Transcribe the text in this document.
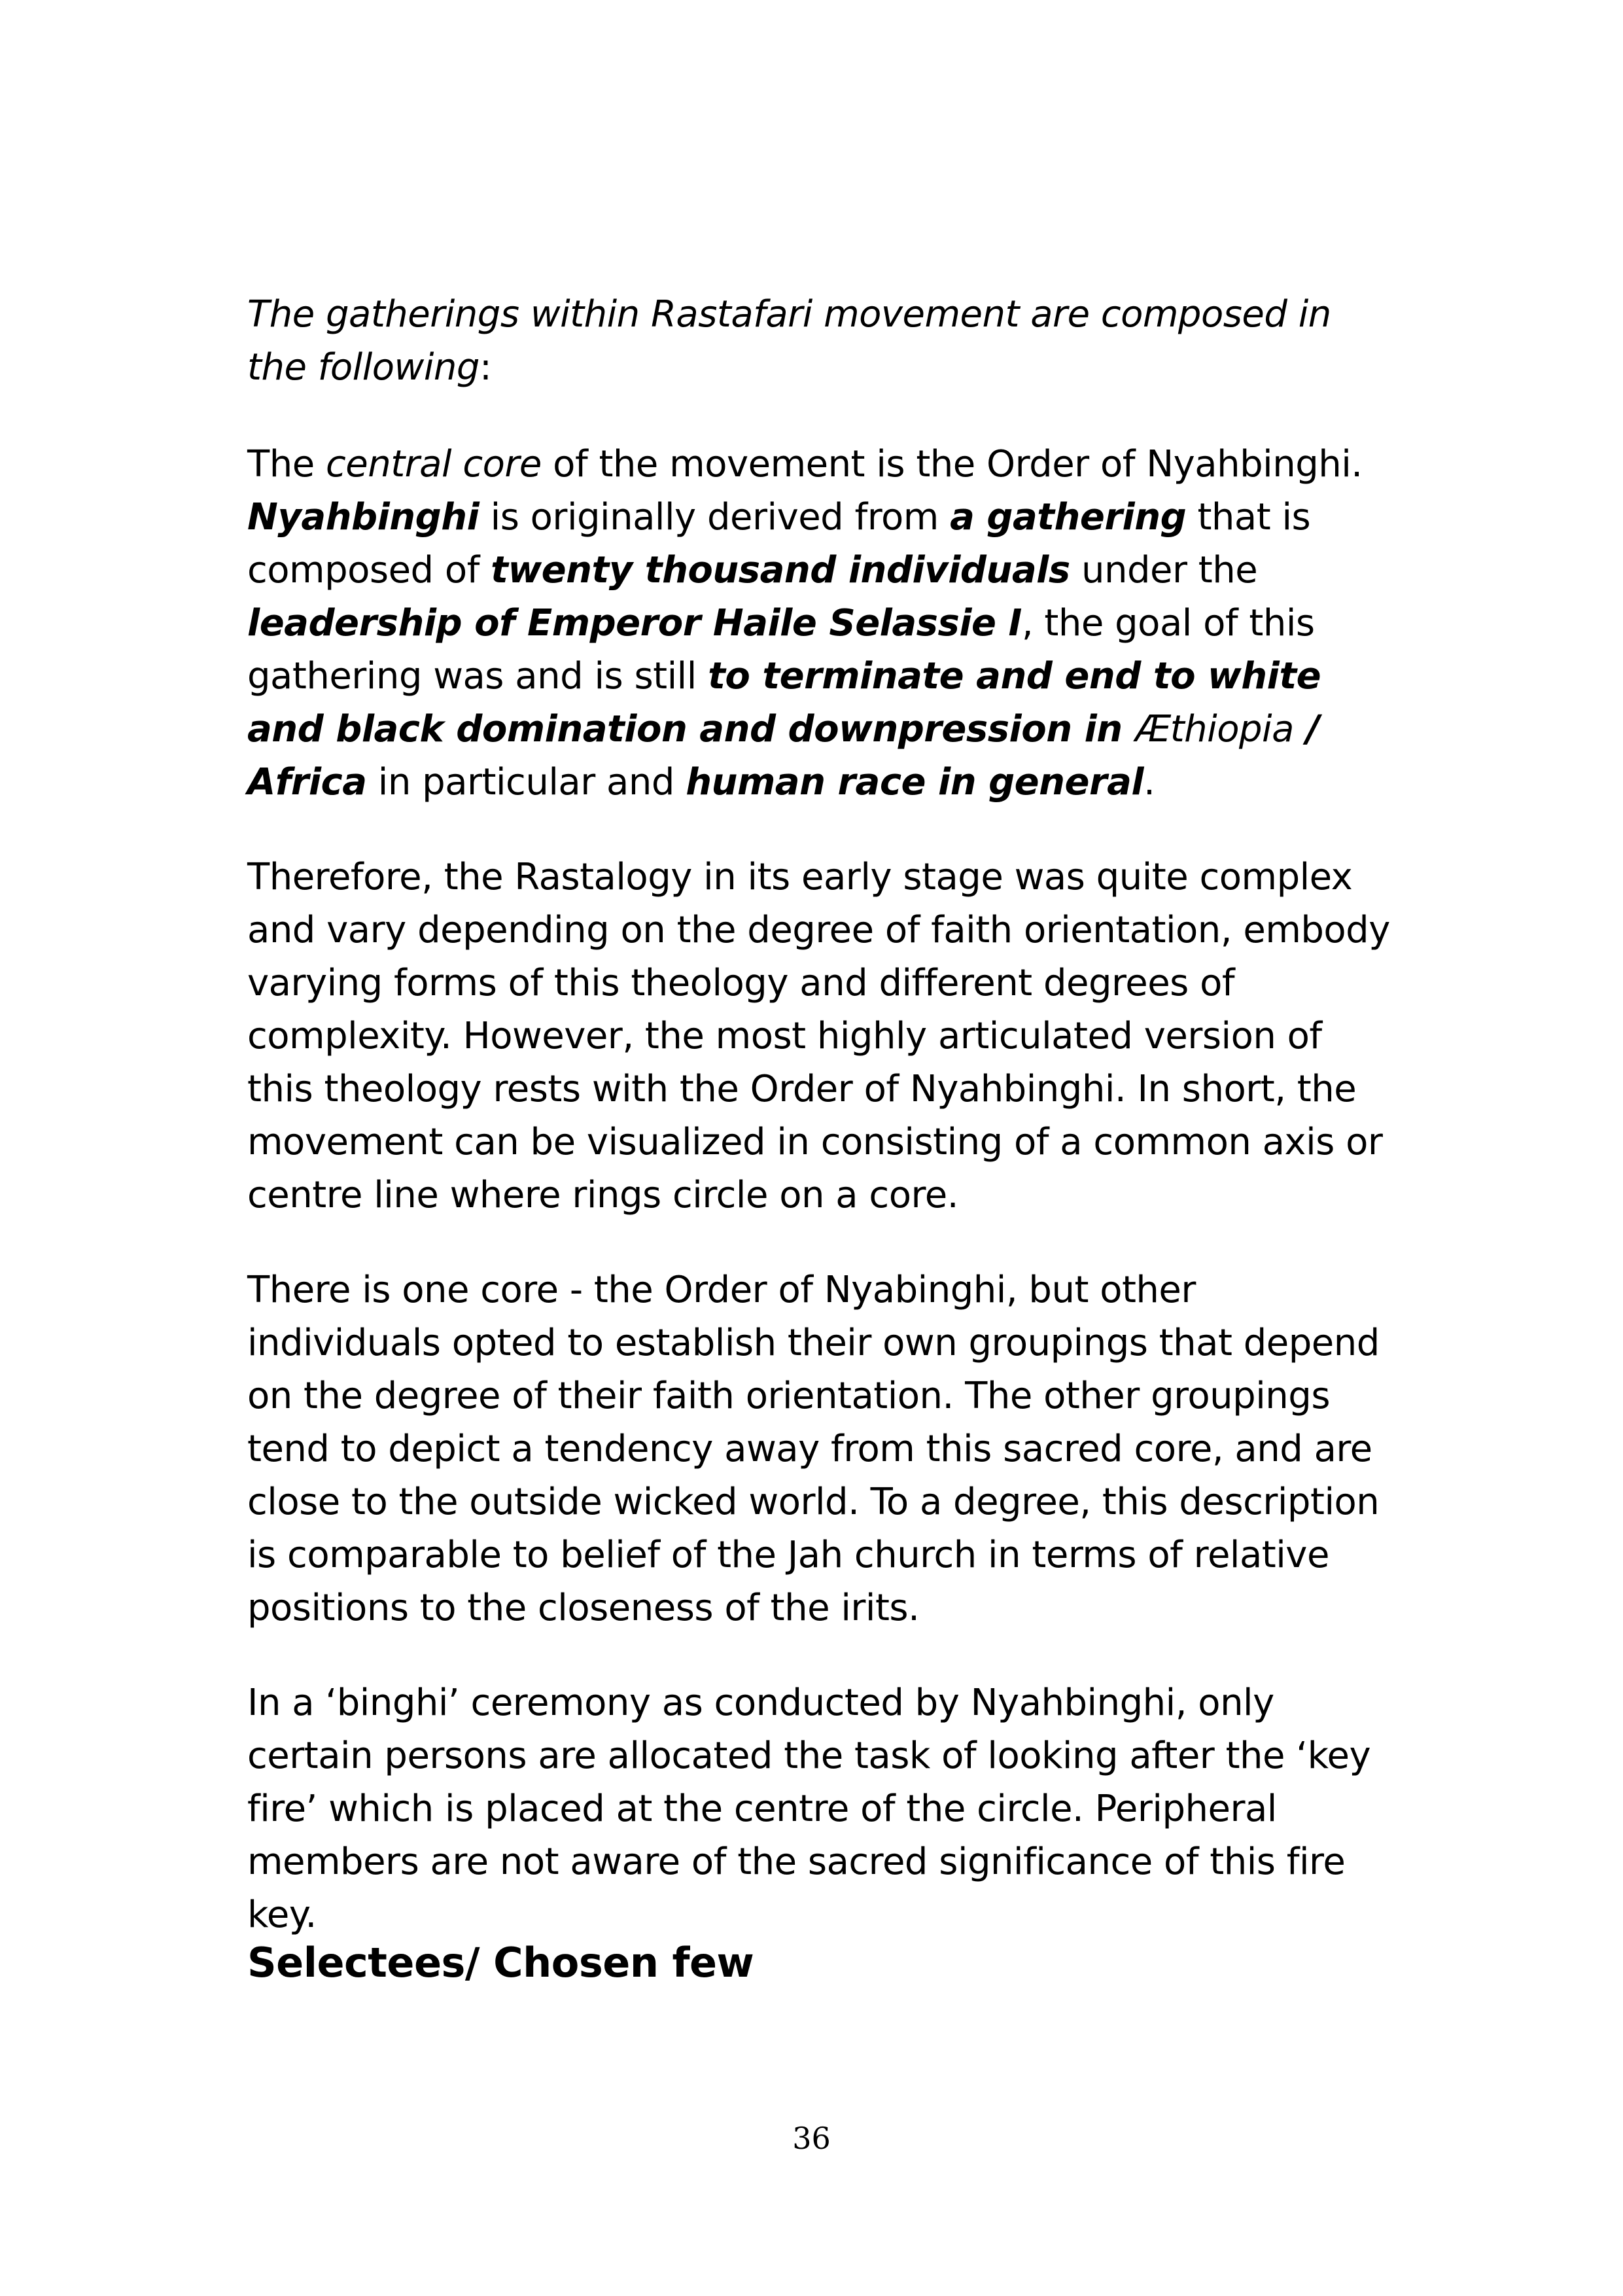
The gatherings within Rastafari movement are composed in the following:

The central core of the movement is the Order of Nyahbinghi. Nyahbinghi is originally derived from a gathering that is composed of twenty thousand individuals under the leadership of Emperor Haile Selassie I, the goal of this gathering was and is still to terminate and end to white and black domination and downpression in Æthiopia / Africa in particular and human race in general.

Therefore, the Rastalogy in its early stage was quite complex and vary depending on the degree of faith orientation, embody varying forms of this theology and different degrees of complexity. However, the most highly articulated version of this theology rests with the Order of Nyahbinghi. In short, the movement can be visualized in consisting of a common axis or centre line where rings circle on a core.

There is one core - the Order of Nyabinghi, but other individuals opted to establish their own groupings that depend on the degree of their faith orientation. The other groupings tend to depict a tendency away from this sacred core, and are close to the outside wicked world. To a degree, this description is comparable to belief of the Jah church in terms of relative positions to the closeness of the irits.

In a ‘binghi’ ceremony as conducted by Nyahbinghi, only certain persons are allocated the task of looking after the ‘key fire’ which is placed at the centre of the circle. Peripheral members are not aware of the sacred significance of this fire key.

Selectees/ Chosen few
36
